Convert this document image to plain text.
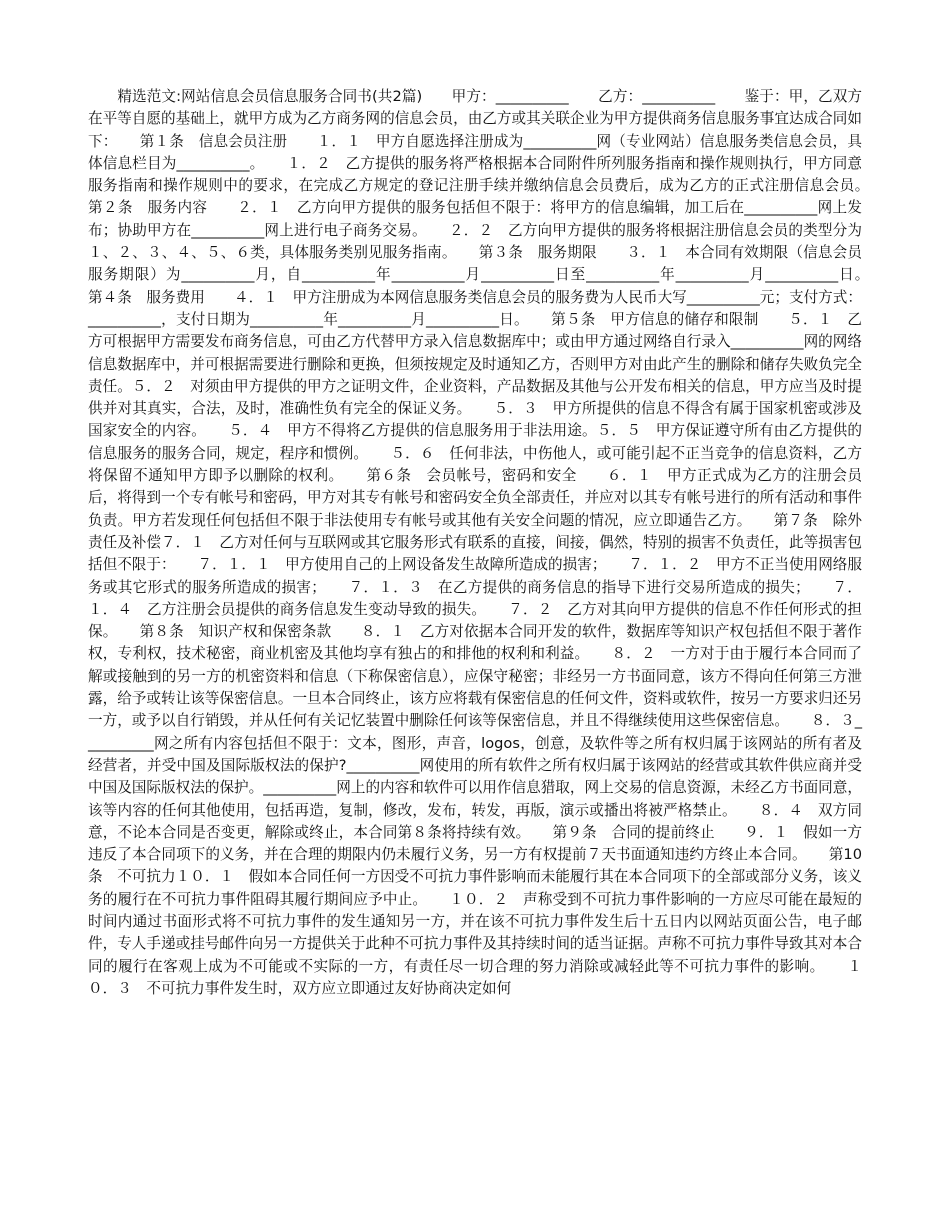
　　精选范文:网站信息会员信息服务合同书(共2篇)　　甲方：__________　　乙方：__________　　鉴于：甲，乙双方在平等自愿的基础上，就甲方成为乙方商务网的信息会员，由乙方或其关联企业为甲方提供商务信息服务事宜达成合同如下：　　第１条　信息会员注册　　１．１　甲方自愿选择注册成为__________网（专业网站）信息服务类信息会员，具体信息栏目为__________。　　１．２　乙方提供的服务将严格根据本合同附件所列服务指南和操作规则执行，甲方同意服务指南和操作规则中的要求，在完成乙方规定的登记注册手续并缴纳信息会员费后，成为乙方的正式注册信息会员。　　第２条　服务内容　　２．１　乙方向甲方提供的服务包括但不限于：将甲方的信息编辑，加工后在__________网上发布；协助甲方在__________网上进行电子商务交易。　　２．２　乙方向甲方提供的服务将根据注册信息会员的类型分为１、２、３、４、５、６类，具体服务类别见服务指南。　　第３条　服务期限　　３．１　本合同有效期限（信息会员服务期限）为__________月，自__________年__________月__________日至__________年__________月__________日。　　第４条　服务费用　　４．１　甲方注册成为本网信息服务类信息会员的服务费为人民币大写__________元；支付方式：__________，支付日期为__________年__________月__________日。　　第５条　甲方信息的储存和限制　　５．１　乙方可根据甲方需要发布商务信息，可由乙方代替甲方录入信息数据库中；或由甲方通过网络自行录入__________网的网络信息数据库中，并可根据需要进行删除和更换，但须按规定及时通知乙方，否则甲方对由此产生的删除和储存失败负完全责任。５．２　对须由甲方提供的甲方之证明文件，企业资料，产品数据及其他与公开发布相关的信息，甲方应当及时提供并对其真实，合法，及时，准确性负有完全的保证义务。　　５．３　甲方所提供的信息不得含有属于国家机密或涉及国家安全的内容。　　５．４　甲方不得将乙方提供的信息服务用于非法用途。５．５　甲方保证遵守所有由乙方提供的信息服务的服务合同，规定，程序和惯例。　　５．６　任何非法，中伤他人，或可能引起不正当竞争的信息资料，乙方将保留不通知甲方即予以删除的权利。　　第６条　会员帐号，密码和安全　　６．１　甲方正式成为乙方的注册会员后，将得到一个专有帐号和密码，甲方对其专有帐号和密码安全负全部责任，并应对以其专有帐号进行的所有活动和事件负责。甲方若发现任何包括但不限于非法使用专有帐号或其他有关安全问题的情况，应立即通告乙方。　　第７条　除外责任及补偿７．１　乙方对任何与互联网或其它服务形式有联系的直接，间接，偶然，特别的损害不负责任，此等损害包括但不限于：　　７．１．１　甲方使用自己的上网设备发生故障所造成的损害；　　７．１．２　甲方不正当使用网络服务或其它形式的服务所造成的损害；　　７．１．３　在乙方提供的商务信息的指导下进行交易所造成的损失；　　７．１．４　乙方注册会员提供的商务信息发生变动导致的损失。　　７．２　乙方对其向甲方提供的信息不作任何形式的担保。　　第８条　知识产权和保密条款　　８．１　乙方对依据本合同开发的软件，数据库等知识产权包括但不限于著作权，专利权，技术秘密，商业机密及其他均享有独占的和排他的权利和利益。　　８．２　一方对于由于履行本合同而了解或接触到的另一方的机密资料和信息（下称保密信息），应保守秘密；非经另一方书面同意，该方不得向任何第三方泄露，给予或转让该等保密信息。一旦本合同终止，该方应将载有保密信息的任何文件，资料或软件，按另一方要求归还另一方，或予以自行销毁，并从任何有关记忆装置中删除任何该等保密信息，并且不得继续使用这些保密信息。　　８．３__________网之所有内容包括但不限于：文本，图形，声音，logos，创意，及软件等之所有权归属于该网站的所有者及经营者，并受中国及国际版权法的保护?__________网使用的所有软件之所有权归属于该网站的经营或其软件供应商并受中国及国际版权法的保护。__________网上的内容和软件可以用作信息猎取，网上交易的信息资源，未经乙方书面同意，该等内容的任何其他使用，包括再造，复制，修改，发布，转发，再版，演示或播出将被严格禁止。　　８．４　双方同意，不论本合同是否变更，解除或终止，本合同第８条将持续有效。　　第９条　合同的提前终止　　９．１　假如一方违反了本合同项下的义务，并在合理的期限内仍未履行义务，另一方有权提前７天书面通知违约方终止本合同。　　第10条　不可抗力１０．１　假如本合同任何一方因受不可抗力事件影响而未能履行其在本合同项下的全部或部分义务，该义务的履行在不可抗力事件阻碍其履行期间应予中止。　　１０．２　声称受到不可抗力事件影响的一方应尽可能在最短的时间内通过书面形式将不可抗力事件的发生通知另一方，并在该不可抗力事件发生后十五日内以网站页面公告，电子邮件，专人手递或挂号邮件向另一方提供关于此种不可抗力事件及其持续时间的适当证据。声称不可抗力事件导致其对本合同的履行在客观上成为不可能或不实际的一方，有责任尽一切合理的努力消除或减轻此等不可抗力事件的影响。　　１０．３　不可抗力事件发生时，双方应立即通过友好协商决定如何
